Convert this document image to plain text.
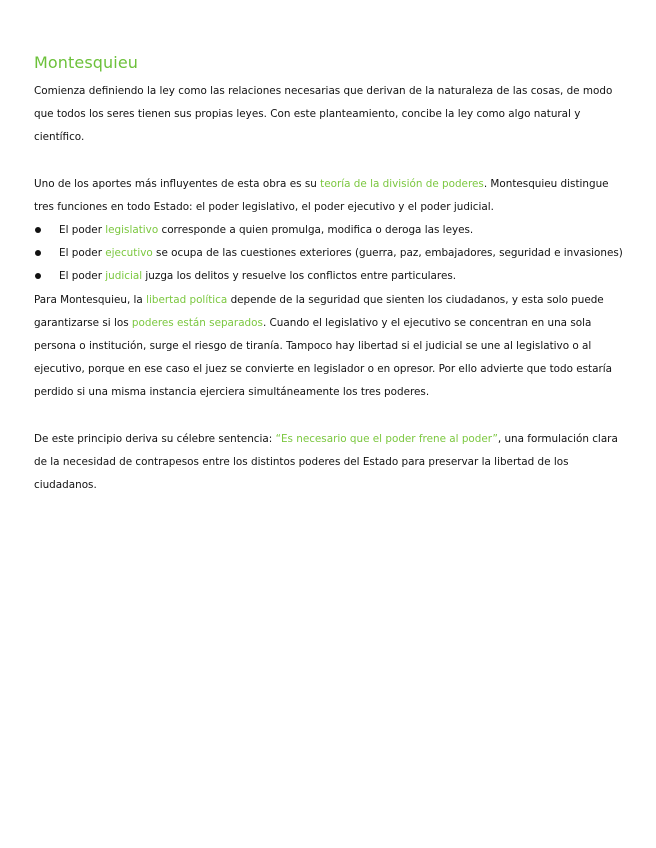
Montesquieu

Comienza definiendo la ley como las relaciones necesarias que derivan de la naturaleza de las cosas, de modo que todos los seres tienen sus propias leyes. Con este planteamiento, concibe la ley como algo natural y científico.

Uno de los aportes más influyentes de esta obra es su teoría de la división de poderes. Montesquieu distingue tres funciones en todo Estado: el poder legislativo, el poder ejecutivo y el poder judicial.

El poder legislativo corresponde a quien promulga, modifica o deroga las leyes.
El poder ejecutivo se ocupa de las cuestiones exteriores (guerra, paz, embajadores, seguridad e invasiones)
El poder judicial juzga los delitos y resuelve los conflictos entre particulares.

Para Montesquieu, la libertad política depende de la seguridad que sienten los ciudadanos, y esta solo puede garantizarse si los poderes están separados. Cuando el legislativo y el ejecutivo se concentran en una sola persona o institución, surge el riesgo de tiranía. Tampoco hay libertad si el judicial se une al legislativo o al ejecutivo, porque en ese caso el juez se convierte en legislador o en opresor. Por ello advierte que todo estaría perdido si una misma instancia ejerciera simultáneamente los tres poderes.

De este principio deriva su célebre sentencia: “Es necesario que el poder frene al poder”, una formulación clara de la necesidad de contrapesos entre los distintos poderes del Estado para preservar la libertad de los ciudadanos.
